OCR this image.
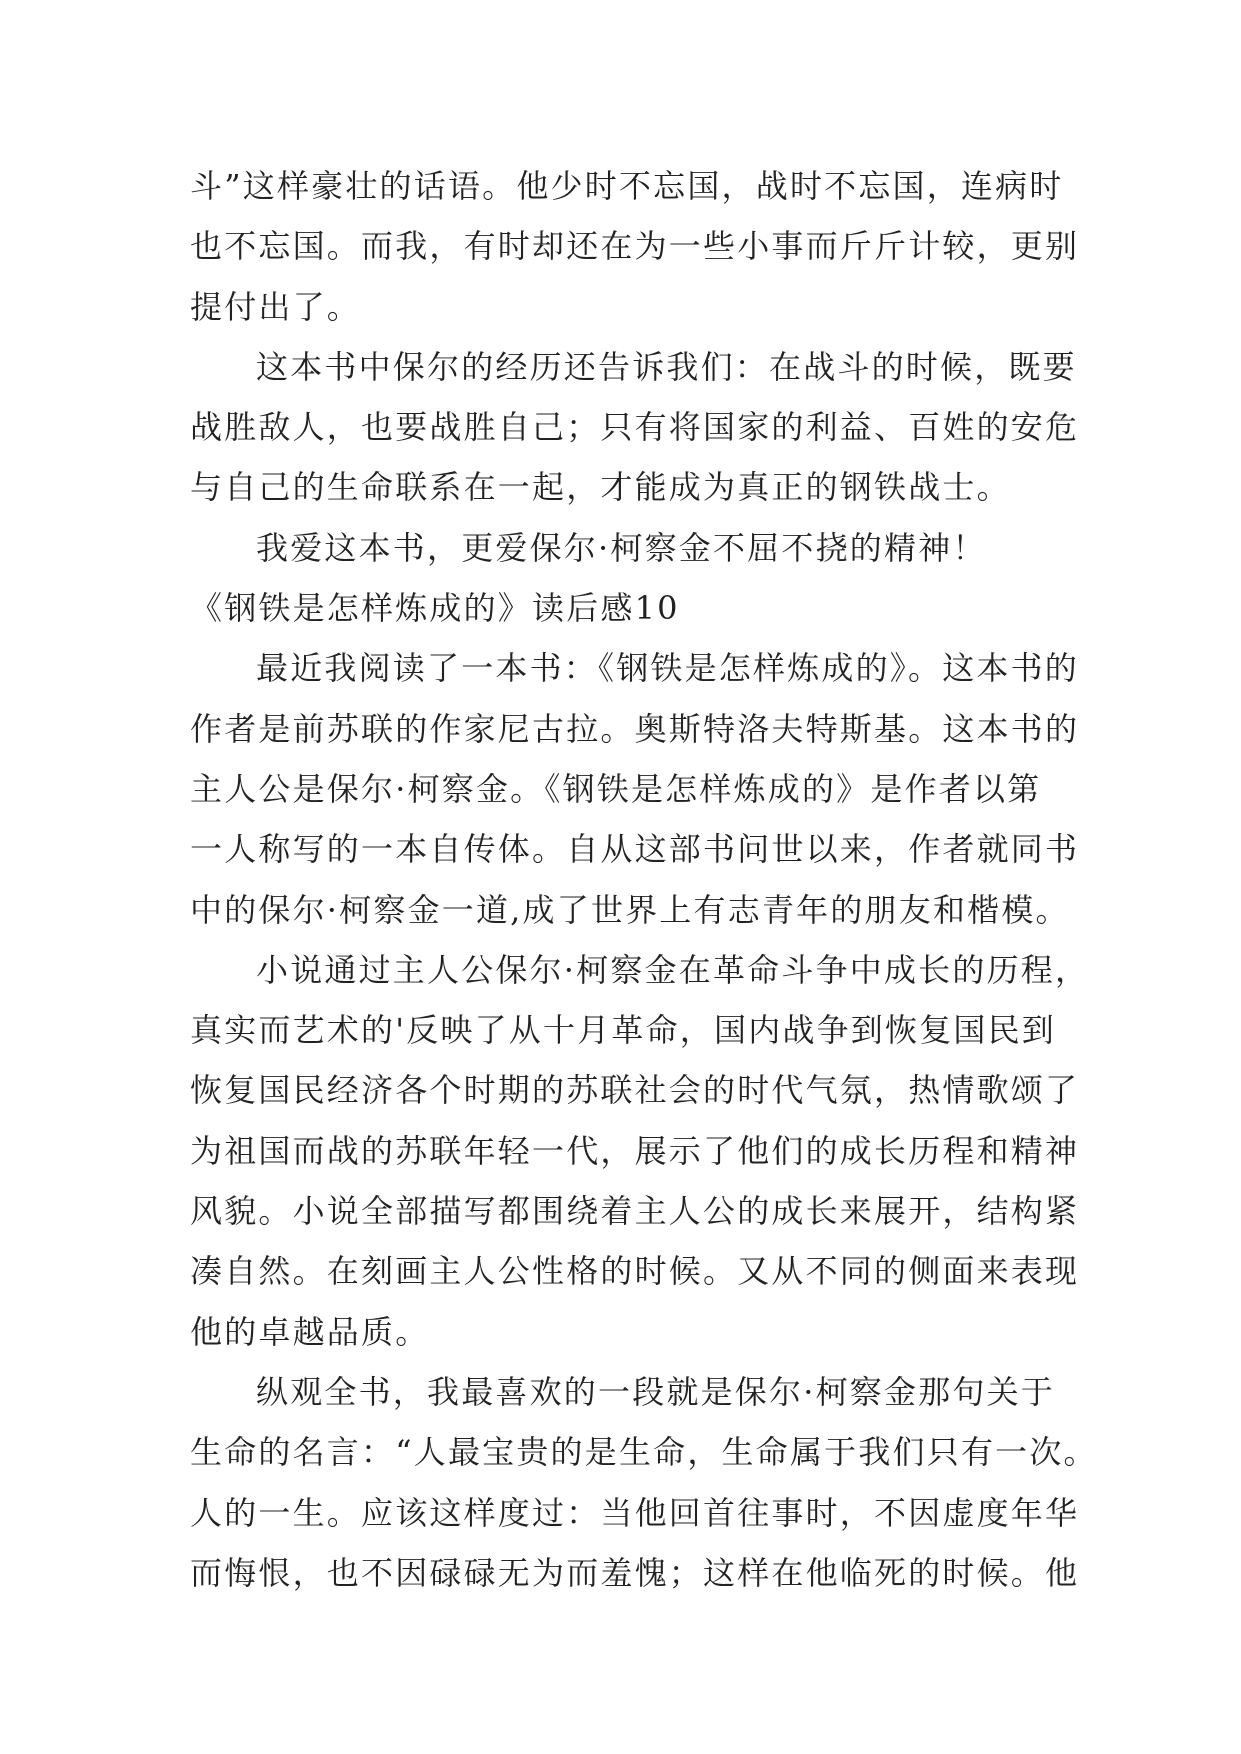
斗”这样豪壮的话语。他少时不忘国，战时不忘国，连病时
也不忘国。而我，有时却还在为一些小事而斤斤计较，更别
提付出了。
这本书中保尔的经历还告诉我们：在战斗的时候，既要
战胜敌人，也要战胜自己；只有将国家的利益、百姓的安危
与自己的生命联系在一起，才能成为真正的钢铁战士。
我爱这本书，更爱保尔·柯察金不屈不挠的精神！
《钢铁是怎样炼成的》读后感10
最近我阅读了一本书：《钢铁是怎样炼成的》。这本书的
作者是前苏联的作家尼古拉。奥斯特洛夫特斯基。这本书的
主人公是保尔·柯察金。《钢铁是怎样炼成的》是作者以第
一人称写的一本自传体。自从这部书问世以来，作者就同书
中的保尔·柯察金一道,成了世界上有志青年的朋友和楷模。
小说通过主人公保尔·柯察金在革命斗争中成长的历程，
真实而艺术的'反映了从十月革命，国内战争到恢复国民到
恢复国民经济各个时期的苏联社会的时代气氛，热情歌颂了
为祖国而战的苏联年轻一代，展示了他们的成长历程和精神
风貌。小说全部描写都围绕着主人公的成长来展开，结构紧
凑自然。在刻画主人公性格的时候。又从不同的侧面来表现
他的卓越品质。
纵观全书，我最喜欢的一段就是保尔·柯察金那句关于
生命的名言：“人最宝贵的是生命，生命属于我们只有一次。
人的一生。应该这样度过：当他回首往事时，不因虚度年华
而悔恨，也不因碌碌无为而羞愧；这样在他临死的时候。他
